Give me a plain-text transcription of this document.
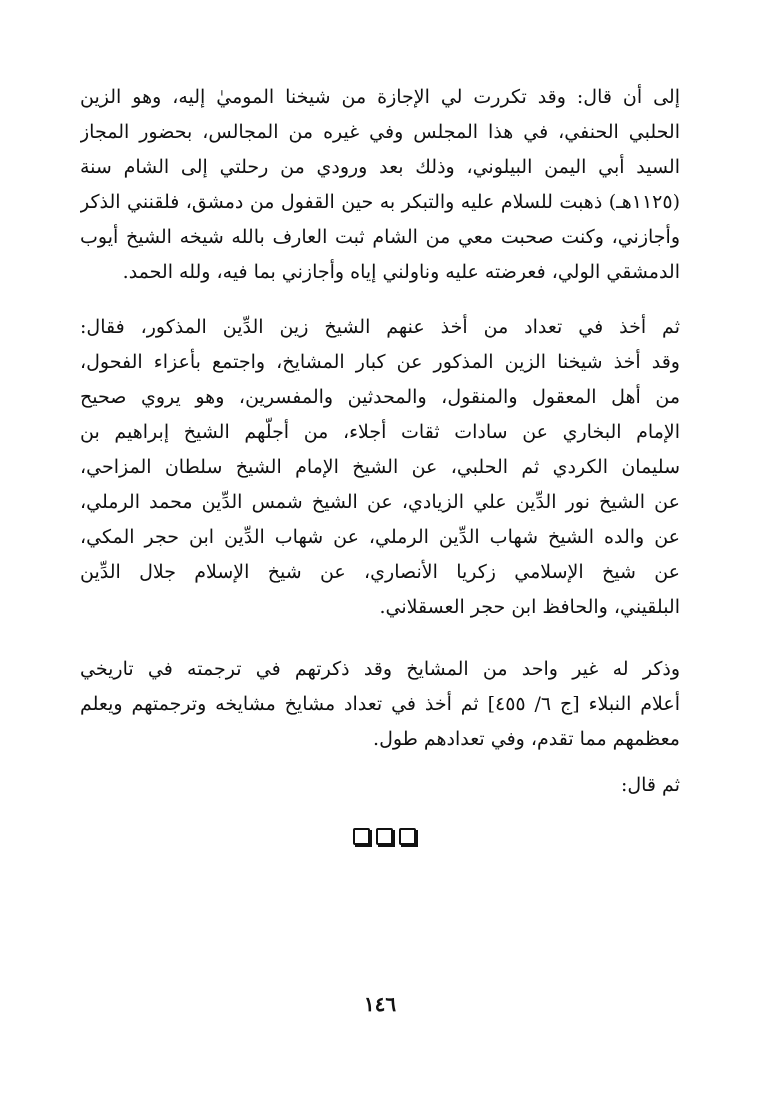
إلى أن قال: وقد تكررت لي الإجازة من شيخنا الموميٰ إليه، وهو الزين
الحلبي الحنفي، في هذا المجلس وفي غيره من المجالس، بحضور المجاز
السيد أبي اليمن البيلوني، وذلك بعد ورودي من رحلتي إلى الشام سنة
(١١٢٥هـ) ذهبت للسلام عليه والتبكر به حين القفول من دمشق، فلقنني الذكر
وأجازني، وكنت صحبت معي من الشام ثبت العارف بالله شيخه الشيخ أيوب
الدمشقي الولي، فعرضته عليه وناولني إياه وأجازني بما فيه، ولله الحمد.
ثم أخذ في تعداد من أخذ عنهم الشيخ زين الدِّين المذكور، فقال:
وقد أخذ شيخنا الزين المذكور عن كبار المشايخ، واجتمع بأعزاء الفحول،
من أهل المعقول والمنقول، والمحدثين والمفسرين، وهو يروي صحيح
الإمام البخاري عن سادات ثقات أجلاء، من أجلّهم الشيخ إبراهيم بن
سليمان الكردي ثم الحلبي، عن الشيخ الإمام الشيخ سلطان المزاحي،
عن الشيخ نور الدِّين علي الزيادي، عن الشيخ شمس الدِّين محمد الرملي،
عن والده الشيخ شهاب الدِّين الرملي، عن شهاب الدِّين ابن حجر المكي،
عن شيخ الإسلامي زكريا الأنصاري، عن شيخ الإسلام جلال الدِّين
البلقيني، والحافظ ابن حجر العسقلاني.
وذكر له غير واحد من المشايخ وقد ذكرتهم في ترجمته في تاريخي
أعلام النبلاء [ج ٦/ ٤٥٥] ثم أخذ في تعداد مشايخ مشايخه وترجمتهم ويعلم
معظمهم مما تقدم، وفي تعدادهم طول.
ثم قال:
١٤٦
